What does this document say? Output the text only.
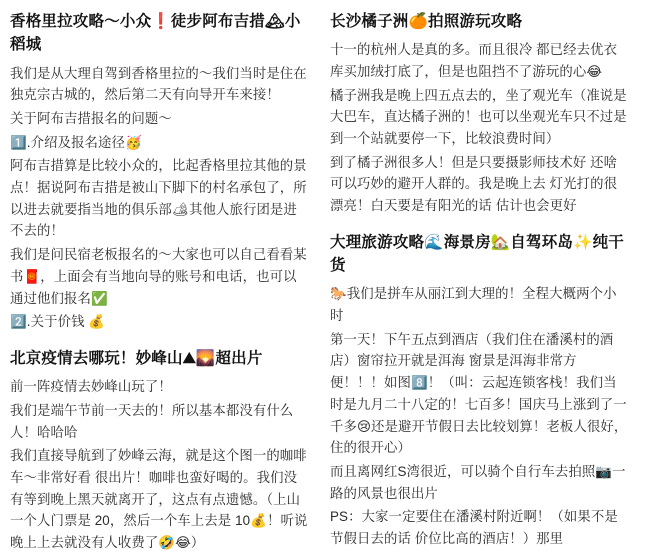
香格里拉攻略～小众❗徒步阿布吉措🏔小稻城

我们是从大理自驾到香格里拉的～我们当时是住在独克宗古城的，然后第二天有向导开车来接！

关于阿布吉措报名的问题～

1️⃣.介绍及报名途径🥳

阿布吉措算是比较小众的，比起香格里拉其他的景点！据说阿布吉措是被山下脚下的村名承包了，所以进去就要指当地的俱乐部🏕其他人旅行团是进不去的！

我们是问民宿老板报名的～大家也可以自己看看某书🧧，上面会有当地向导的账号和电话，也可以通过他们报名✅

2️⃣.关于价钱 💰

北京疫情去哪玩！妙峰山⛰🌄超出片

前一阵疫情去妙峰山玩了！

我们是端午节前一天去的！所以基本都没有什么人！哈哈哈

我们直接导航到了妙峰云海，就是这个图一的咖啡车～非常好看 很出片！咖啡也蛮好喝的。我们没有等到晚上黑天就离开了，这点有点遗憾。（上山一个人门票是 20，然后一个车上去是 10💰！听说晚上上去就没有人收费了🤣😂）

长沙橘子洲🍊拍照游玩攻略

十一的杭州人是真的多。而且很冷 都已经去优衣库买加绒打底了，但是也阻挡不了游玩的心😂

橘子洲我是晚上四五点去的，坐了观光车（准说是大巴车，直达橘子洲的！也可以坐观光车只不过是到一个站就要停一下，比较浪费时间）

到了橘子洲很多人！但是只要摄影师技术好 还啥可以巧妙的避开人群的。我是晚上去 灯光打的很漂亮！白天要是有阳光的话 估计也会更好

大理旅游攻略🌊海景房🏡自驾环岛✨纯干货

🐎我们是拼车从丽江到大理的！全程大概两个小时

第一天！下午五点到酒店（我们住在潘溪村的酒店）窗帘拉开就是洱海 窗景是洱海非常方便！！！如图8️⃣！（叫：云起连锁客栈！我们当时是九月二十八定的！七百多！国庆马上涨到了一千多😢还是避开节假日去比较划算！老板人很好，住的很开心）

而且离网红S湾很近，可以骑个自行车去拍照📷一路的风景也很出片

PS：大家一定要住在潘溪村附近啊！（如果不是节假日去的话 价位比高的酒店！）那里
